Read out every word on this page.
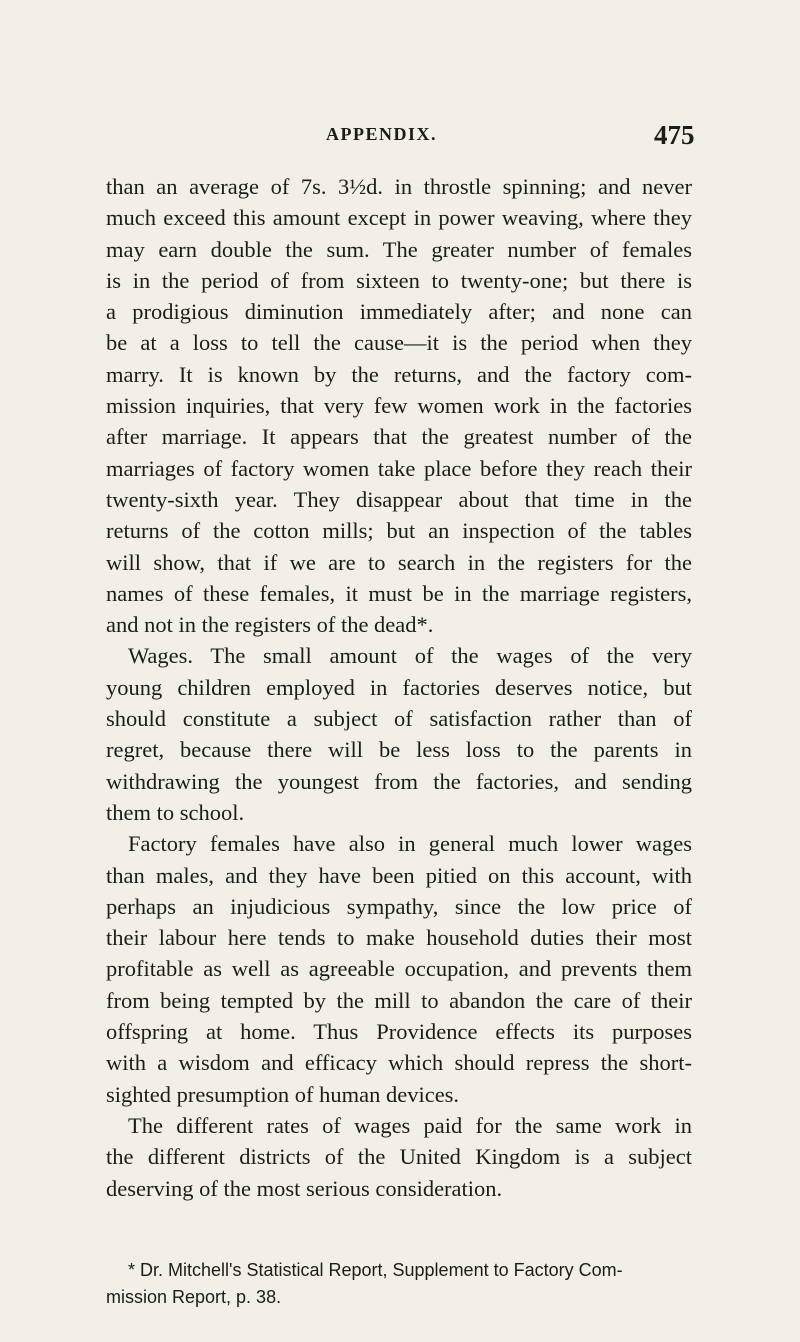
APPENDIX.	475
than an average of 7s. 3½d. in throstle spinning; and never
much exceed this amount except in power weaving, where they
may earn double the sum. The greater number of females
is in the period of from sixteen to twenty-one; but there is
a prodigious diminution immediately after; and none can
be at a loss to tell the cause—it is the period when they
marry. It is known by the returns, and the factory com-
mission inquiries, that very few women work in the factories
after marriage. It appears that the greatest number of the
marriages of factory women take place before they reach their
twenty-sixth year. They disappear about that time in the
returns of the cotton mills; but an inspection of the tables
will show, that if we are to search in the registers for the
names of these females, it must be in the marriage registers,
and not in the registers of the dead*.
Wages. The small amount of the wages of the very
young children employed in factories deserves notice, but
should constitute a subject of satisfaction rather than of
regret, because there will be less loss to the parents in
withdrawing the youngest from the factories, and sending
them to school.
Factory females have also in general much lower wages
than males, and they have been pitied on this account, with
perhaps an injudicious sympathy, since the low price of
their labour here tends to make household duties their most
profitable as well as agreeable occupation, and prevents them
from being tempted by the mill to abandon the care of their
offspring at home. Thus Providence effects its purposes
with a wisdom and efficacy which should repress the short-
sighted presumption of human devices.
The different rates of wages paid for the same work in
the different districts of the United Kingdom is a subject
deserving of the most serious consideration.
* Dr. Mitchell's Statistical Report, Supplement to Factory Com-
mission Report, p. 38.
